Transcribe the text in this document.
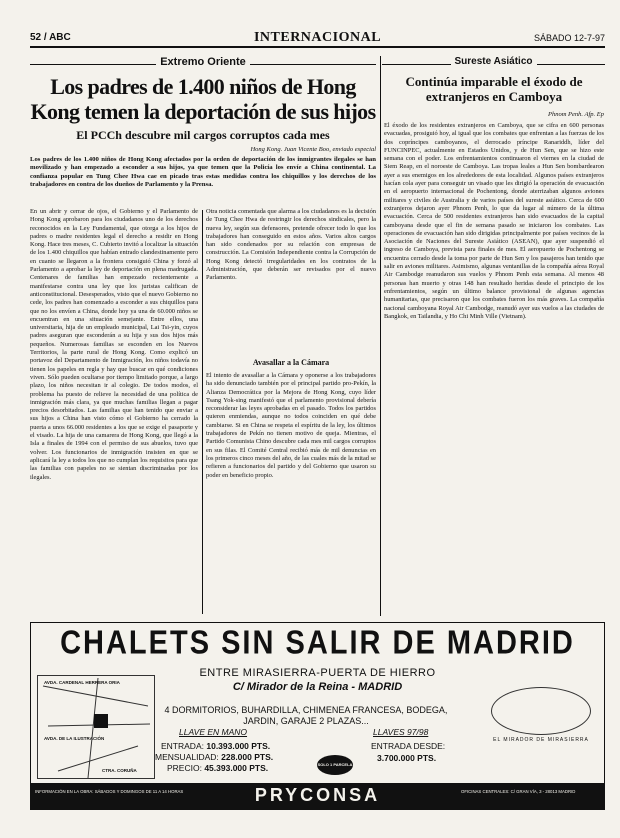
52 / ABC	INTERNACIONAL	SÁBADO 12-7-97
Extremo Oriente
Los padres de 1.400 niños de Hong Kong temen la deportación de sus hijos
El PCCh descubre mil cargos corruptos cada mes
Hong Kong. Juan Vicente Boo, enviado especial

Los padres de los 1.400 niños de Hong Kong afectados por la orden de deportación de los inmigrantes ilegales se han movilizado y han empezado a esconder a sus hijos, ya que temen que la Policía los envíe a China continental. La confianza popular en Tung Chee Hwa cae en picado tras estas medidas contra los chiquillos y los derechos de los trabajadores en contra de los dueños de Parlamento y la Prensa.

En un abrir y cerrar de ojos, el Gobierno y el Parlamento de Hong Kong aprobaron para los ciudadanos uno de los derechos reconocidos en la Ley Fundamental, que otorga a los hijos de padres o madre residentes legal el derecho a residir en Hong Kong. Hace tres meses, C. Cubierto invitó a localizar la situación de los 1.400 chiquillos que habían entrado clandestinamente pero en cuanto se llegaron a la frontera consiguió China y forzó al Parlamento a aprobar la ley de deportación en plena madrugada. Centenares de familias han empezado recientemente a manifestarse contra una ley que los juristas califican de anticonstitucional. Desesperados, visto que el nuevo Gobierno no cede, los padres han comenzado a esconder a sus chiquillos para que no los envíen a China, donde hoy ya una de 60.000 niños se encuentran en una situación semejante. Entre ellos, una universitaria, hija de un empleado municipal, Lai Tsi-yin, cuyos padres aseguran que esconderán a su hija y sus dos hijos más pequeños. Numerosas familias se esconden en los Nuevos Territorios, la parte rural de Hong Kong. Como explicó un portavoz del Departamento de Inmigración, los niños todavía no tienen los papeles en regla y hay que buscar en qué condiciones viven. Sólo pueden ocultarse por tiempo limitado porque, a largo plazo, los niños necesitan ir al colegio. De todos modos, el problema ha puesto de relieve la necesidad de una política de inmigración más clara, ya que muchas familias llegan a pagar precios desorbitados. Las familias que han tenido que enviar a sus hijos a China han visto cómo el Gobierno ha cerrado la puerta a unos 66.000 residentes a los que se exige el pasaporte y el visado. La hija de una camarera de Hong Kong, que llegó a la Isla a finales de 1994 con el permiso de sus abuelos, tuvo que volver. Los funcionarios de inmigración insisten en que se aplicará la ley a todos los que no cumplan los requisitos para que las familias con papeles no se sientan discriminadas por los ilegales.
Otra noticia comentada que alarma a los ciudadanos es la decisión de Tung Chee Hwa de restringir los derechos sindicales, pero la nueva ley, según sus defensores, pretende ofrecer todo lo que los trabajadores han conseguido en estos años. Varios altos cargos han sido condenados por su relación con empresas de construcción. La Comisión Independiente contra la Corrupción de Hong Kong detectó irregularidades en los contratos de la Administración, que deberán ser revisados por el nuevo Parlamento.
Avasallar a la Cámara
El intento de avasallar a la Cámara y oponerse a los trabajadores ha sido denunciado también por el principal partido pro-Pekín, la Alianza Democrática por la Mejora de Hong Kong, cuyo líder Tsang Yok-sing manifestó que el parlamento provisional debería reconsiderar las leyes aprobadas en el pasado. Todos los partidos quieren enmiendas, aunque no todos coinciden en qué debe cambiarse. Si en China se respeta el espíritu de la ley, los últimos trabajadores de Pekín no tienen motivo de queja. Mientras, el Partido Comunista Chino descubre cada mes mil cargos corruptos en sus filas. El Comité Central recibió más de mil denuncias en los primeros cinco meses del año, de las cuales más de la mitad se refieren a funcionarios del partido y del Gobierno que usaron su poder en beneficio propio.
Sureste Asiático
Continúa imparable el éxodo de extranjeros en Camboya
Phnom Penh. Afp. Ep
El éxodo de los residentes extranjeros en Camboya, que se cifra en 600 personas evacuadas, prosiguió hoy, al igual que los combates que enfrentan a las fuerzas de los dos copríncipes camboyanos, el derrocado príncipe Ranariddh, líder del FUNCINPEC, actualmente en Estados Unidos, y de Hun Sen, que se hizo este semana con el poder. Los enfrentamientos continuaron el viernes en la ciudad de Siem Reap, en el noroeste de Camboya. Las tropas leales a Hun Sen bombardearon ayer a sus enemigos en los alrededores de esta localidad. Algunos países extranjeros hacían cola ayer para conseguir un visado que les dirigió la operación de evacuación en el aeropuerto internacional de Pochentong, donde aterrizaban algunos aviones militares y civiles de Australia y de varios países del sureste asiático. Cerca de 600 extranjeros dejaron ayer Phnom Penh, lo que da lugar al número de la última evacuación. Cerca de 500 residentes extranjeros han sido evacuados de la capital camboyana desde que el fin de semana pasado se iniciaron los combates. Las operaciones de evacuación han sido dirigidas principalmente por países vecinos de la Asociación de Naciones del Sureste Asiático (ASEAN), que ayer suspendió el ingreso de Camboya, prevista para finales de mes. El aeropuerto de Pochentong se encuentra cerrado desde la toma por parte de Hun Sen y los pasajeros han tenido que salir en aviones militares. Asimismo, algunas ventanillas de la compañía aérea Royal Air Cambodge reanudaron sus vuelos y Phnom Penh esta semana. Al menos 48 personas han muerto y otras 148 han resultado heridas desde el principio de los enfrentamientos, según un último balance provisional de algunas agencias humanitarias, que precisaron que los combates fueron los más graves. La compañía nacional camboyana Royal Air Cambodge, reanudó ayer sus vuelos a las ciudades de Bangkok, en Tailandia, y Ho Chi Minh Ville (Vietnam).
CHALETS SIN SALIR DE MADRID
ENTRE MIRASIERRA-PUERTA DE HIERRO
C/ Mirador de la Reina - MADRID
4 DORMITORIOS, BUHARDILLA, CHIMENEA FRANCESA, BODEGA, JARDIN, GARAJE 2 PLAZAS...
AVDA. CARDENAL HERRERA ORIA
AVDA. DE LA ILUSTRACIÓN
CTRA. CORUÑA
EL MIRADOR DE MIRASIERRA
LLAVE EN MANO
ENTRADA: 10.393.000 PTS.
MENSUALIDAD: 228.000 PTS.
PRECIO: 45.393.000 PTS.	SOLO 1 PARCELA
LLAVES 97/98
ENTRADA DESDE:
3.700.000 PTS.
INFORMACIÓN EN LA OBRA: SÁBADOS Y DOMINGOS DE 11 A 14 HORAS	PRYCONSA	OFICINAS CENTRALES: C/ GRAN VÍA, 3 - 28013 MADRID
